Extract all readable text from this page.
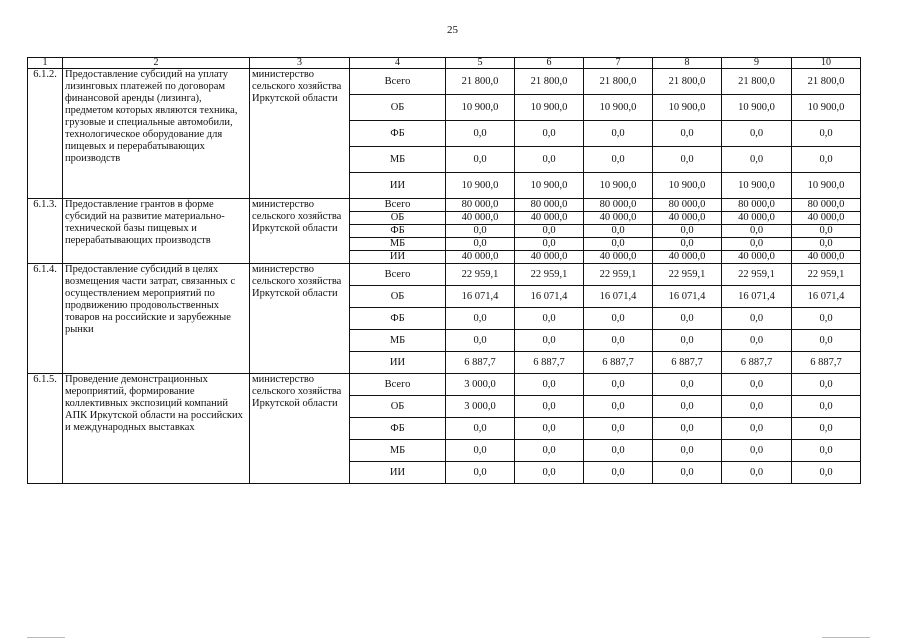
25
1	2	3	4	5	6	7	8	9	10
6.1.2.	Предоставление субсидий на уплату лизинговых платежей по договорам финансовой аренды (лизинга), предметом которых являются техника, грузовые и специальные автомобили, технологическое оборудование для пищевых и перерабатывающих производств	министерство сельского хозяйства Иркутской области	Всего	21 800,0	21 800,0	21 800,0	21 800,0	21 800,0	21 800,0
			ОБ	10 900,0	10 900,0	10 900,0	10 900,0	10 900,0	10 900,0
			ФБ	0,0	0,0	0,0	0,0	0,0	0,0
			МБ	0,0	0,0	0,0	0,0	0,0	0,0
			ИИ	10 900,0	10 900,0	10 900,0	10 900,0	10 900,0	10 900,0
6.1.3.	Предоставление грантов в форме субсидий на развитие материально-технической базы пищевых и перерабатывающих производств	министерство сельского хозяйства Иркутской области	Всего	80 000,0	80 000,0	80 000,0	80 000,0	80 000,0	80 000,0
			ОБ	40 000,0	40 000,0	40 000,0	40 000,0	40 000,0	40 000,0
			ФБ	0,0	0,0	0,0	0,0	0,0	0,0
			МБ	0,0	0,0	0,0	0,0	0,0	0,0
			ИИ	40 000,0	40 000,0	40 000,0	40 000,0	40 000,0	40 000,0
6.1.4.	Предоставление субсидий в целях возмещения части затрат, связанных с осуществлением мероприятий по продвижению продовольственных товаров на российские и зарубежные рынки	министерство сельского хозяйства Иркутской области	Всего	22 959,1	22 959,1	22 959,1	22 959,1	22 959,1	22 959,1
			ОБ	16 071,4	16 071,4	16 071,4	16 071,4	16 071,4	16 071,4
			ФБ	0,0	0,0	0,0	0,0	0,0	0,0
			МБ	0,0	0,0	0,0	0,0	0,0	0,0
			ИИ	6 887,7	6 887,7	6 887,7	6 887,7	6 887,7	6 887,7
6.1.5.	Проведение демонстрационных мероприятий, формирование коллективных экспозиций компаний АПК Иркутской области на российских и международных выставках	министерство сельского хозяйства Иркутской области	Всего	3 000,0	0,0	0,0	0,0	0,0	0,0
			ОБ	3 000,0	0,0	0,0	0,0	0,0	0,0
			ФБ	0,0	0,0	0,0	0,0	0,0	0,0
			МБ	0,0	0,0	0,0	0,0	0,0	0,0
			ИИ	0,0	0,0	0,0	0,0	0,0	0,0
